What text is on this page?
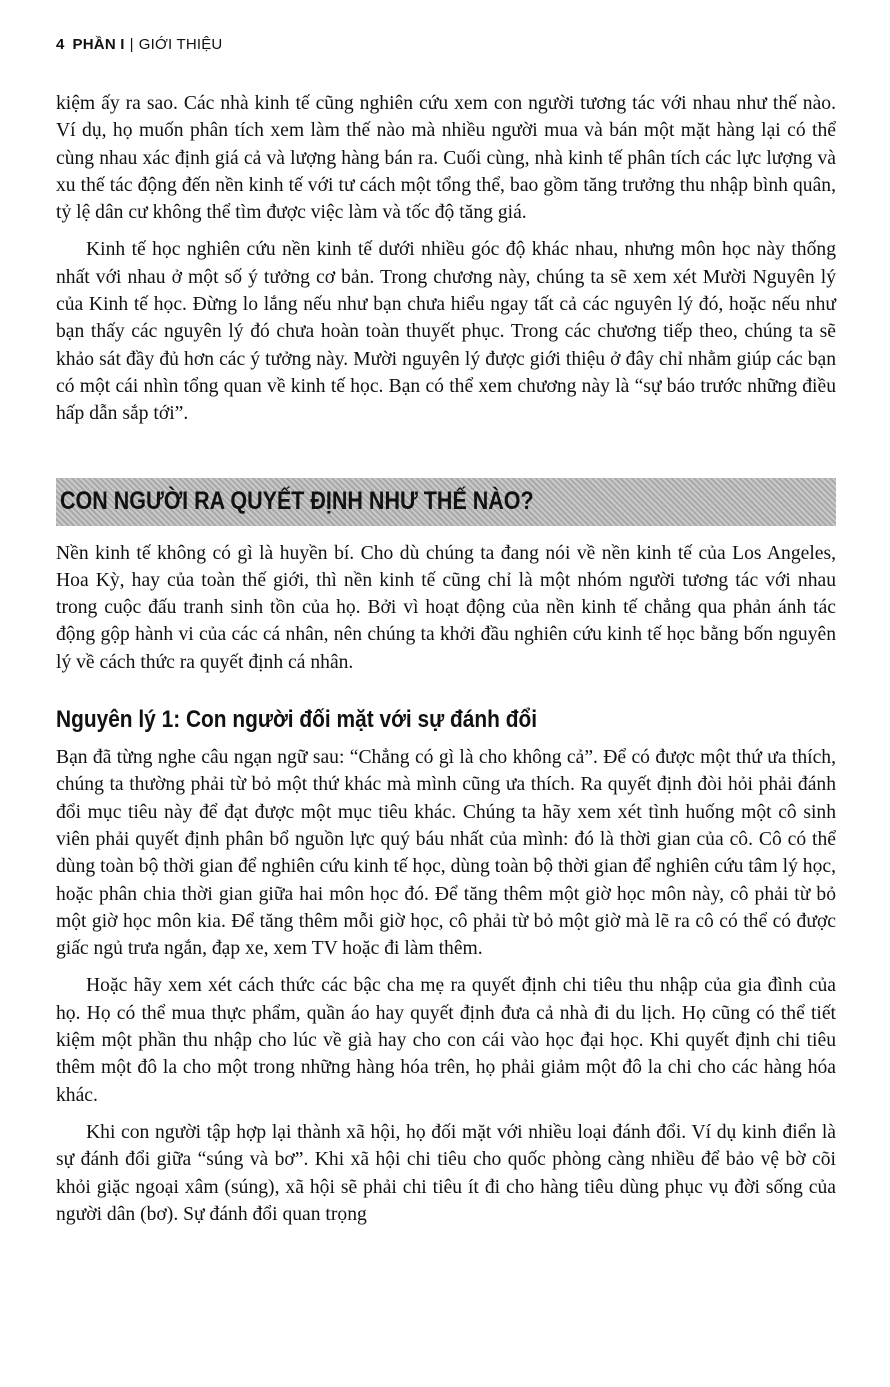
4 PHẦN I | GIỚI THIỆU

kiệm ấy ra sao. Các nhà kinh tế cũng nghiên cứu xem con người tương tác với nhau như thế nào. Ví dụ, họ muốn phân tích xem làm thế nào mà nhiều người mua và bán một mặt hàng lại có thể cùng nhau xác định giá cả và lượng hàng bán ra. Cuối cùng, nhà kinh tế phân tích các lực lượng và xu thế tác động đến nền kinh tế với tư cách một tổng thể, bao gồm tăng trưởng thu nhập bình quân, tỷ lệ dân cư không thể tìm được việc làm và tốc độ tăng giá.

Kinh tế học nghiên cứu nền kinh tế dưới nhiều góc độ khác nhau, nhưng môn học này thống nhất với nhau ở một số ý tưởng cơ bản. Trong chương này, chúng ta sẽ xem xét Mười Nguyên lý của Kinh tế học. Đừng lo lắng nếu như bạn chưa hiểu ngay tất cả các nguyên lý đó, hoặc nếu như bạn thấy các nguyên lý đó chưa hoàn toàn thuyết phục. Trong các chương tiếp theo, chúng ta sẽ khảo sát đầy đủ hơn các ý tưởng này. Mười nguyên lý được giới thiệu ở đây chỉ nhằm giúp các bạn có một cái nhìn tổng quan về kinh tế học. Bạn có thể xem chương này là “sự báo trước những điều hấp dẫn sắp tới”.

CON NGƯỜI RA QUYẾT ĐỊNH NHƯ THẾ NÀO?

Nền kinh tế không có gì là huyền bí. Cho dù chúng ta đang nói về nền kinh tế của Los Angeles, Hoa Kỳ, hay của toàn thế giới, thì nền kinh tế cũng chỉ là một nhóm người tương tác với nhau trong cuộc đấu tranh sinh tồn của họ. Bởi vì hoạt động của nền kinh tế chẳng qua phản ánh tác động gộp hành vi của các cá nhân, nên chúng ta khởi đầu nghiên cứu kinh tế học bằng bốn nguyên lý về cách thức ra quyết định cá nhân.

Nguyên lý 1: Con người đối mặt với sự đánh đổi

Bạn đã từng nghe câu ngạn ngữ sau: “Chẳng có gì là cho không cả”. Để có được một thứ ưa thích, chúng ta thường phải từ bỏ một thứ khác mà mình cũng ưa thích. Ra quyết định đòi hỏi phải đánh đổi mục tiêu này để đạt được một mục tiêu khác. Chúng ta hãy xem xét tình huống một cô sinh viên phải quyết định phân bổ nguồn lực quý báu nhất của mình: đó là thời gian của cô. Cô có thể dùng toàn bộ thời gian để nghiên cứu kinh tế học, dùng toàn bộ thời gian để nghiên cứu tâm lý học, hoặc phân chia thời gian giữa hai môn học đó. Để tăng thêm một giờ học môn này, cô phải từ bỏ một giờ học môn kia. Để tăng thêm mỗi giờ học, cô phải từ bỏ một giờ mà lẽ ra cô có thể có được giấc ngủ trưa ngắn, đạp xe, xem TV hoặc đi làm thêm.

Hoặc hãy xem xét cách thức các bậc cha mẹ ra quyết định chi tiêu thu nhập của gia đình của họ. Họ có thể mua thực phẩm, quần áo hay quyết định đưa cả nhà đi du lịch. Họ cũng có thể tiết kiệm một phần thu nhập cho lúc về già hay cho con cái vào học đại học. Khi quyết định chi tiêu thêm một đô la cho một trong những hàng hóa trên, họ phải giảm một đô la chi cho các hàng hóa khác.

Khi con người tập hợp lại thành xã hội, họ đối mặt với nhiều loại đánh đổi. Ví dụ kinh điển là sự đánh đổi giữa “súng và bơ”. Khi xã hội chi tiêu cho quốc phòng càng nhiều để bảo vệ bờ cõi khỏi giặc ngoại xâm (súng), xã hội sẽ phải chi tiêu ít đi cho hàng tiêu dùng phục vụ đời sống của người dân (bơ). Sự đánh đổi quan trọng
